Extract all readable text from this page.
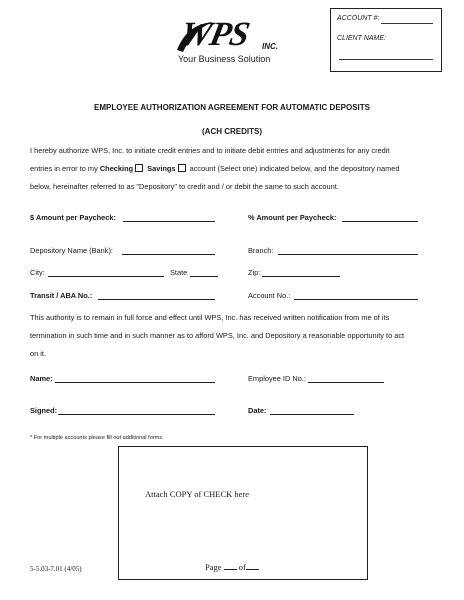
WPS INC.
Your Business Solution
ACCOUNT #:
CLIENT NAME:
EMPLOYEE AUTHORIZATION AGREEMENT FOR AUTOMATIC DEPOSITS
(ACH CREDITS)
I hereby authorize WPS, Inc. to initiate credit entries and to initiate debit entries and adjustments for any credit
entries in error to my Checking Savings account (Select one) indicated below, and the depository named
below, hereinafter referred to as "Depository" to credit and / or debit the same to such account.
$ Amount per Paycheck:	% Amount per Paycheck:
Depository Name (Bank):	Branch:
City:	State	Zip:
Transit / ABA No.:	Account No.:
This authority is to remain in full force and effect until WPS, Inc. has received written notification from me of its
termination in such time and in such manner as to afford WPS, Inc. and Depository a reasonable opportunity to act
on it.
Name:	Employee ID No.:
Signed:	Date:
* For multiple accounts please fill out additional forms.
Attach COPY of CHECK here
5-5.03-7.01 (4/05)	Page of
